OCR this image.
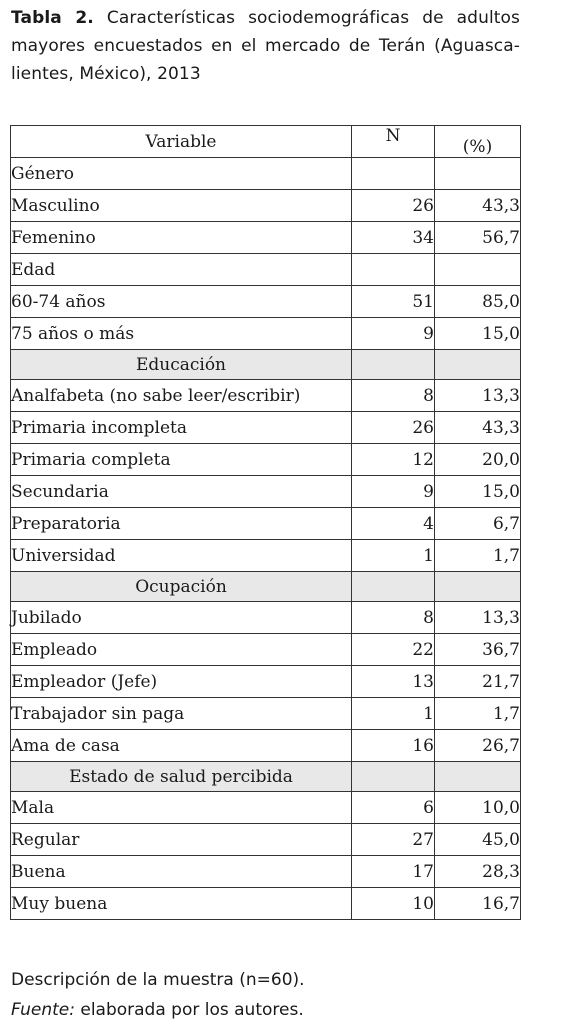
Tabla 2. Características sociodemográficas de adultos mayores encuestados en el mercado de Terán (Aguasca-lientes, México), 2013
Variable	N	(%)
Género		
Masculino	26	43,3
Femenino	34	56,7
Edad		
60-74 años	51	85,0
75 años o más	9	15,0
Educación		
Analfabeta (no sabe leer/escribir)	8	13,3
Primaria incompleta	26	43,3
Primaria completa	12	20,0
Secundaria	9	15,0
Preparatoria	4	6,7
Universidad	1	1,7
Ocupación		
Jubilado	8	13,3
Empleado	22	36,7
Empleador (Jefe)	13	21,7
Trabajador sin paga	1	1,7
Ama de casa	16	26,7
Estado de salud percibida		
Mala	6	10,0
Regular	27	45,0
Buena	17	28,3
Muy buena	10	16,7
Descripción de la muestra (n=60).
Fuente: elaborada por los autores.
